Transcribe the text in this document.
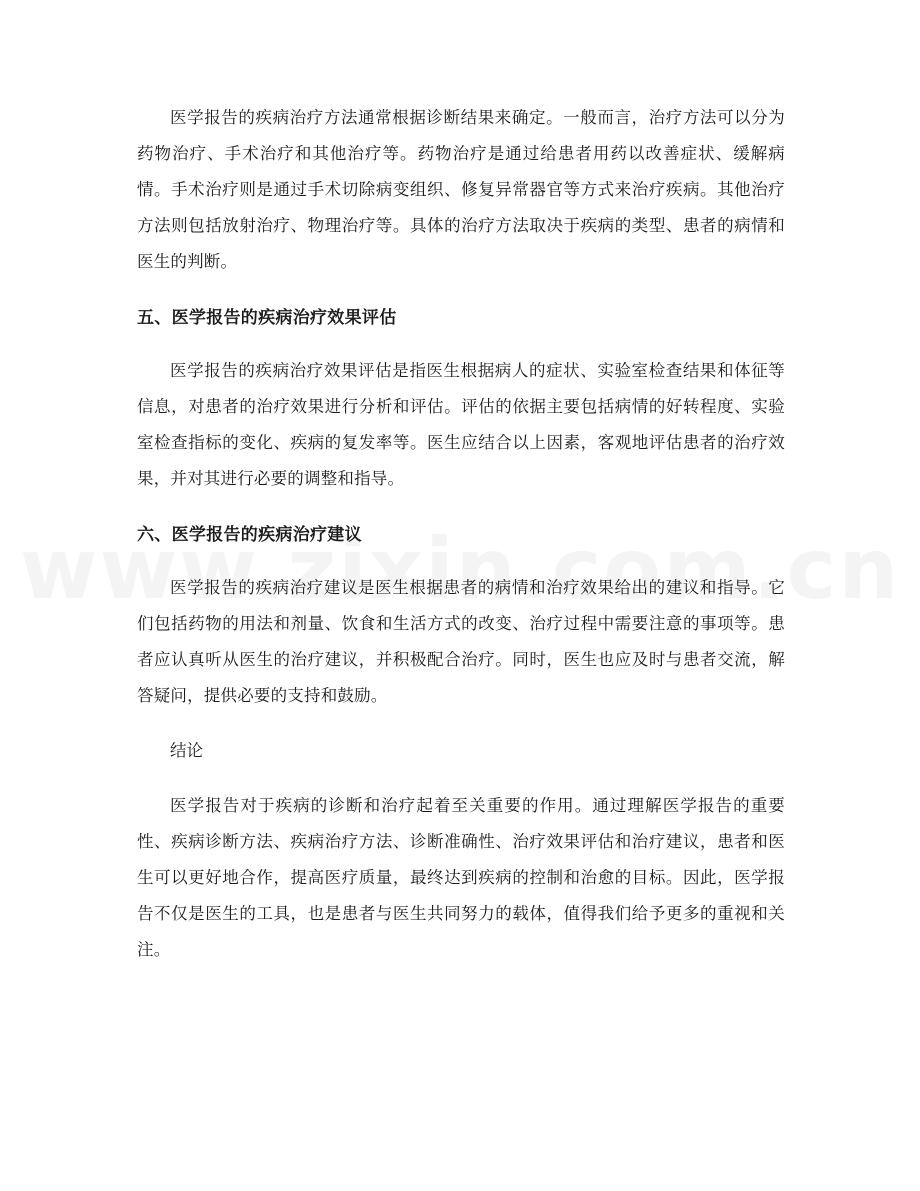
医学报告的疾病治疗方法通常根据诊断结果来确定。一般而言，治疗方法可以分为药物治疗、手术治疗和其他治疗等。药物治疗是通过给患者用药以改善症状、缓解病情。手术治疗则是通过手术切除病变组织、修复异常器官等方式来治疗疾病。其他治疗方法则包括放射治疗、物理治疗等。具体的治疗方法取决于疾病的类型、患者的病情和医生的判断。

五、医学报告的疾病治疗效果评估

医学报告的疾病治疗效果评估是指医生根据病人的症状、实验室检查结果和体征等信息，对患者的治疗效果进行分析和评估。评估的依据主要包括病情的好转程度、实验室检查指标的变化、疾病的复发率等。医生应结合以上因素，客观地评估患者的治疗效果，并对其进行必要的调整和指导。

六、医学报告的疾病治疗建议

医学报告的疾病治疗建议是医生根据患者的病情和治疗效果给出的建议和指导。它们包括药物的用法和剂量、饮食和生活方式的改变、治疗过程中需要注意的事项等。患者应认真听从医生的治疗建议，并积极配合治疗。同时，医生也应及时与患者交流，解答疑问，提供必要的支持和鼓励。

结论

医学报告对于疾病的诊断和治疗起着至关重要的作用。通过理解医学报告的重要性、疾病诊断方法、疾病治疗方法、诊断准确性、治疗效果评估和治疗建议，患者和医生可以更好地合作，提高医疗质量，最终达到疾病的控制和治愈的目标。因此，医学报告不仅是医生的工具，也是患者与医生共同努力的载体，值得我们给予更多的重视和关注。
